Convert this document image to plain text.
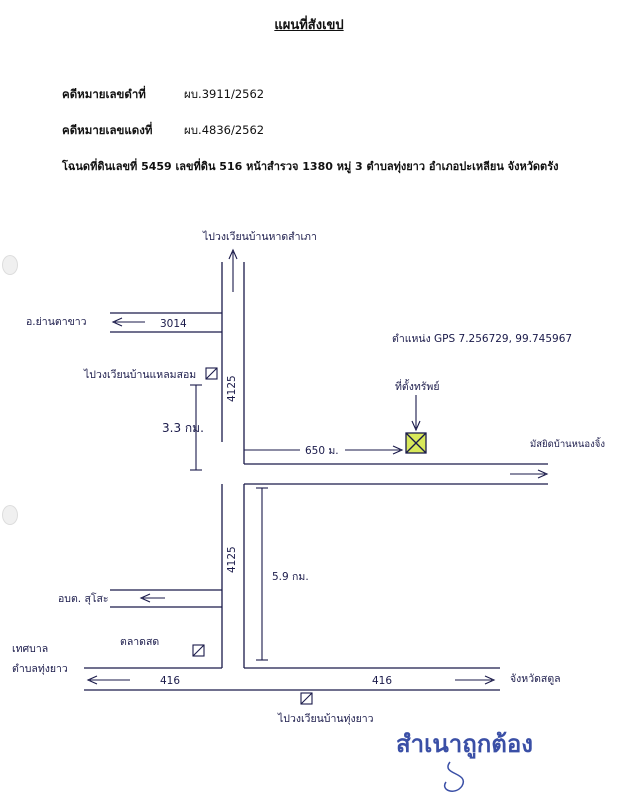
แผนที่สังเขป
คดีหมายเลขดำที่	ผบ.3911/2562
คดีหมายเลขแดงที่	ผบ.4836/2562
โฉนดที่ดินเลขที่ 5459 เลขที่ดิน 516 หน้าสำรวจ 1380 หมู่ 3 ตำบลทุ่งยาว อำเภอปะเหลียน จังหวัดตรัง
ไปวงเวียนบ้านหาดสำเภา
อ.ย่านตาขาว	3014
ไปวงเวียนบ้านแหลมสอม
3.3 กม.
4125
ตำแหน่ง GPS 7.256729, 99.745967
ที่ตั้งทรัพย์
650 ม.
มัสยิดบ้านหนองจิ้ง
4125
5.9 กม.
อบต. สุโสะ
ตลาดสด
เทศบาล
ตำบลทุ่งยาว
416	416	จังหวัดสตูล
ไปวงเวียนบ้านทุ่งยาว
สำเนาถูกต้อง
